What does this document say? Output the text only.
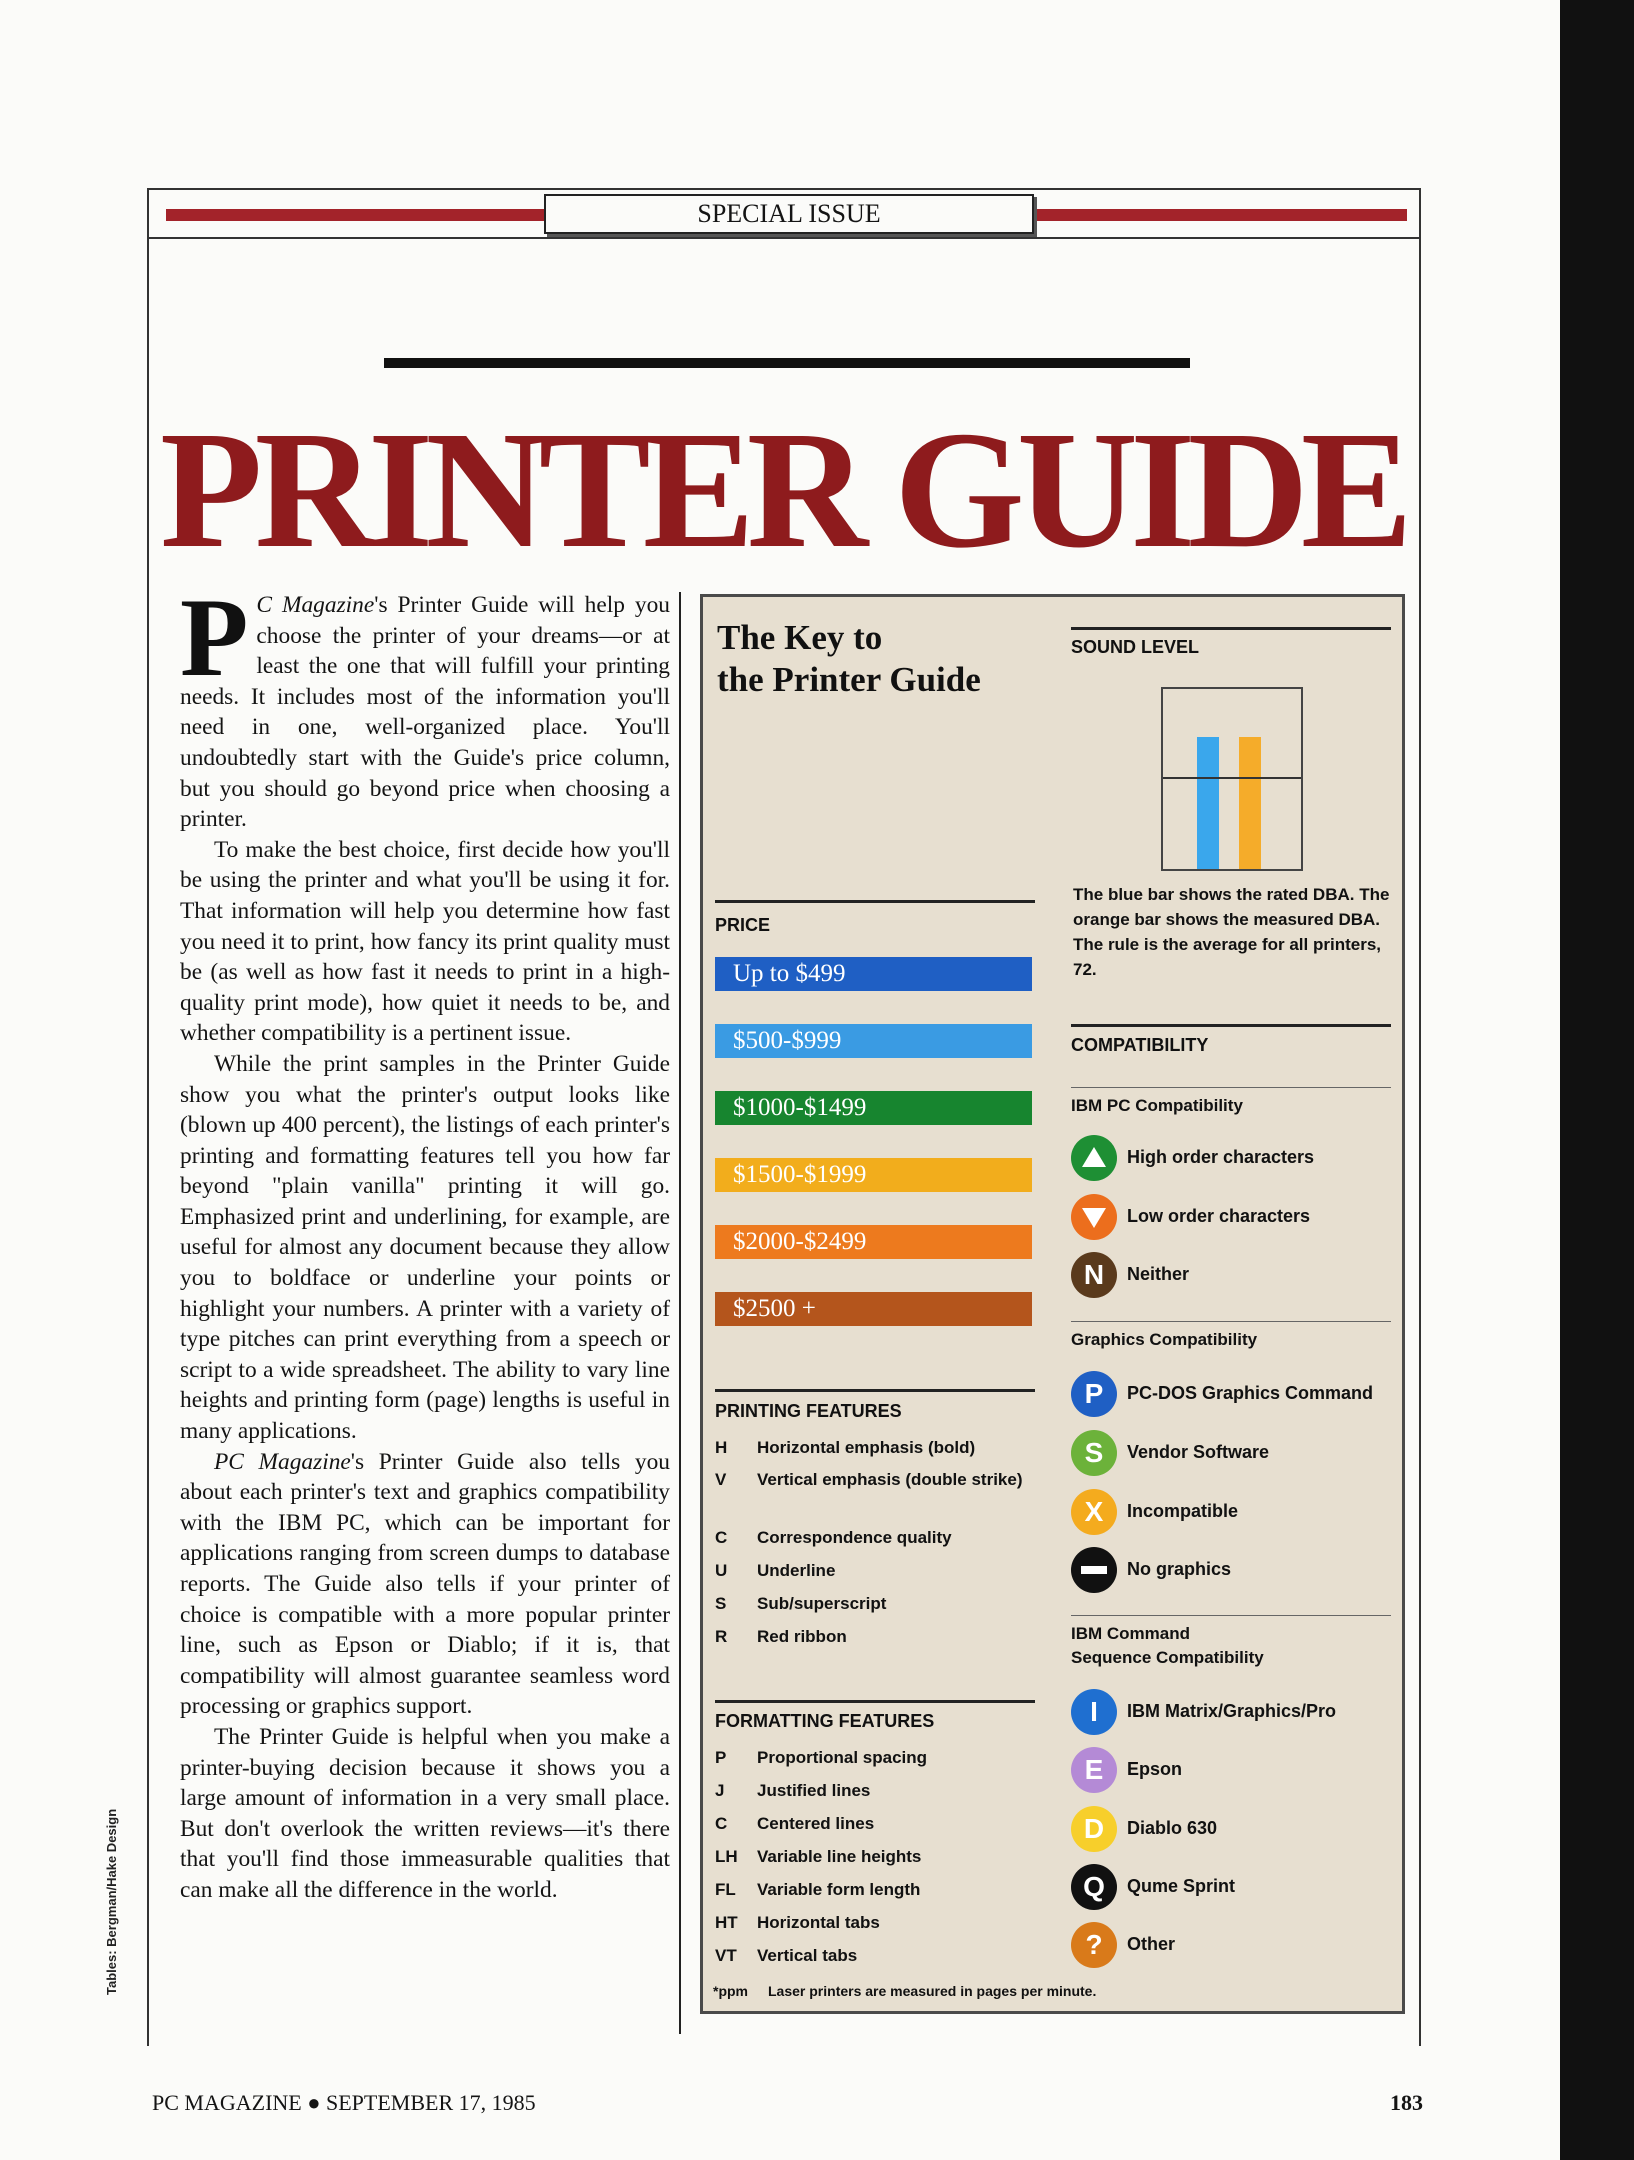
SPECIAL ISSUE
PRINTER GUIDE

P C Magazine's Printer Guide will help you choose the printer of your dreams—or at least the one that will fulfill your printing needs. It includes most of the information you'll need in one, well-organized place. You'll undoubtedly start with the Guide's price column, but you should go beyond price when choosing a printer.

To make the best choice, first decide how you'll be using the printer and what you'll be using it for. That information will help you determine how fast you need it to print, how fancy its print quality must be (as well as how fast it needs to print in a high-quality print mode), how quiet it needs to be, and whether compatibility is a pertinent issue.

While the print samples in the Printer Guide show you what the printer's output looks like (blown up 400 percent), the listings of each printer's printing and formatting features tell you how far beyond "plain vanilla" printing it will go. Emphasized print and underlining, for example, are useful for almost any document because they allow you to boldface or underline your points or highlight your numbers. A printer with a variety of type pitches can print everything from a speech or script to a wide spreadsheet. The ability to vary line heights and printing form (page) lengths is useful in many applications.

PC Magazine's Printer Guide also tells you about each printer's text and graphics compatibility with the IBM PC, which can be important for applications ranging from screen dumps to database reports. The Guide also tells if your printer of choice is compatible with a more popular printer line, such as Epson or Diablo; if it is, that compatibility will almost guarantee seamless word processing or graphics support.

The Printer Guide is helpful when you make a printer-buying decision because it shows you a large amount of information in a very small place. But don't overlook the written reviews—it's there that you'll find those immeasurable qualities that can make all the difference in the world.

Tables: Bergman/Hake Design
The Key to
the Printer Guide
PRICE
Up to $499
$500-$999
$1000-$1499
$1500-$1999
$2000-$2499
$2500 +
PRINTING FEATURES
H	Horizontal emphasis (bold)
V	Vertical emphasis (double strike)
C	Correspondence quality
U	Underline
S	Sub/superscript
R	Red ribbon
FORMATTING FEATURES
P	Proportional spacing
J	Justified lines
C	Centered lines
LH	Variable line heights
FL	Variable form length
HT	Horizontal tabs
VT	Vertical tabs
*ppm Laser printers are measured in pages per minute.
SOUND LEVEL
The blue bar shows the rated DBA. The orange bar shows the measured DBA. The rule is the average for all printers, 72.
COMPATIBILITY
IBM PC Compatibility
High order characters
Low order characters
N	Neither
Graphics Compatibility
P	PC-DOS Graphics Command
S	Vendor Software
X	Incompatible
No graphics
IBM Command
Sequence Compatibility
I	IBM Matrix/Graphics/Pro
E	Epson
D	Diablo 630
Q	Qume Sprint
?	Other
PC MAGAZINE ● SEPTEMBER 17, 1985	183
